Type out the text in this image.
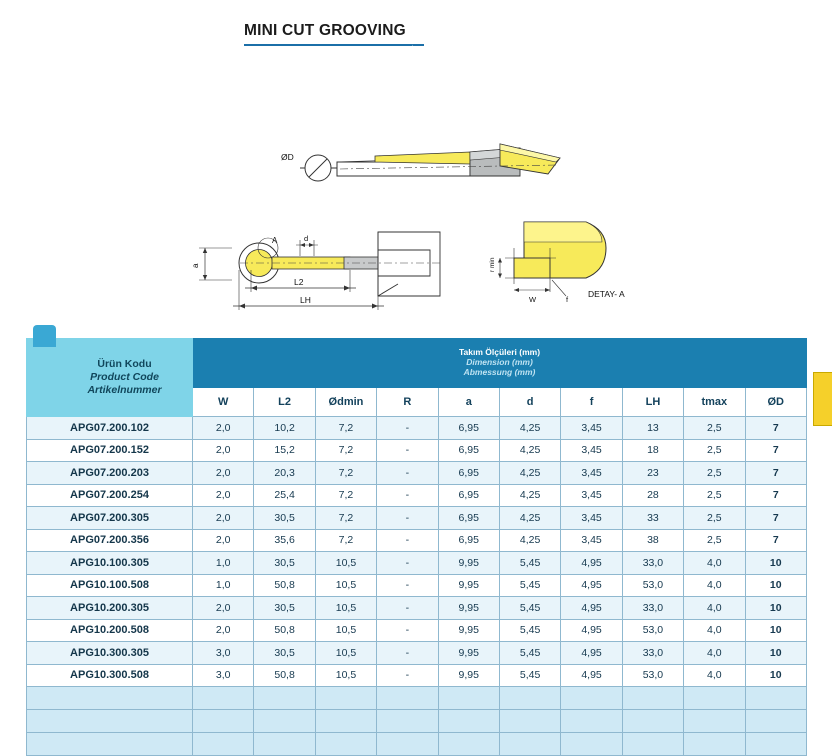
MINI CUT GROOVING
ØD
a
A	d
L2
LH
r min
W	f
DETAY- A
Ürün Kodu
Product Code
Artikelnummer	Takım Ölçüleri (mm)
Dimension (mm)
Abmessung (mm)									

	W	L2	Ødmin	R	a	d	f	LH	tmax	ØD
APG07.200.102	2,0	10,2	7,2	-	6,95	4,25	3,45	13	2,5	7
APG07.200.152	2,0	15,2	7,2	-	6,95	4,25	3,45	18	2,5	7
APG07.200.203	2,0	20,3	7,2	-	6,95	4,25	3,45	23	2,5	7
APG07.200.254	2,0	25,4	7,2	-	6,95	4,25	3,45	28	2,5	7
APG07.200.305	2,0	30,5	7,2	-	6,95	4,25	3,45	33	2,5	7
APG07.200.356	2,0	35,6	7,2	-	6,95	4,25	3,45	38	2,5	7
APG10.100.305	1,0	30,5	10,5	-	9,95	5,45	4,95	33,0	4,0	10
APG10.100.508	1,0	50,8	10,5	-	9,95	5,45	4,95	53,0	4,0	10
APG10.200.305	2,0	30,5	10,5	-	9,95	5,45	4,95	33,0	4,0	10
APG10.200.508	2,0	50,8	10,5	-	9,95	5,45	4,95	53,0	4,0	10
APG10.300.305	3,0	30,5	10,5	-	9,95	5,45	4,95	33,0	4,0	10
APG10.300.508	3,0	50,8	10,5	-	9,95	5,45	4,95	53,0	4,0	10
